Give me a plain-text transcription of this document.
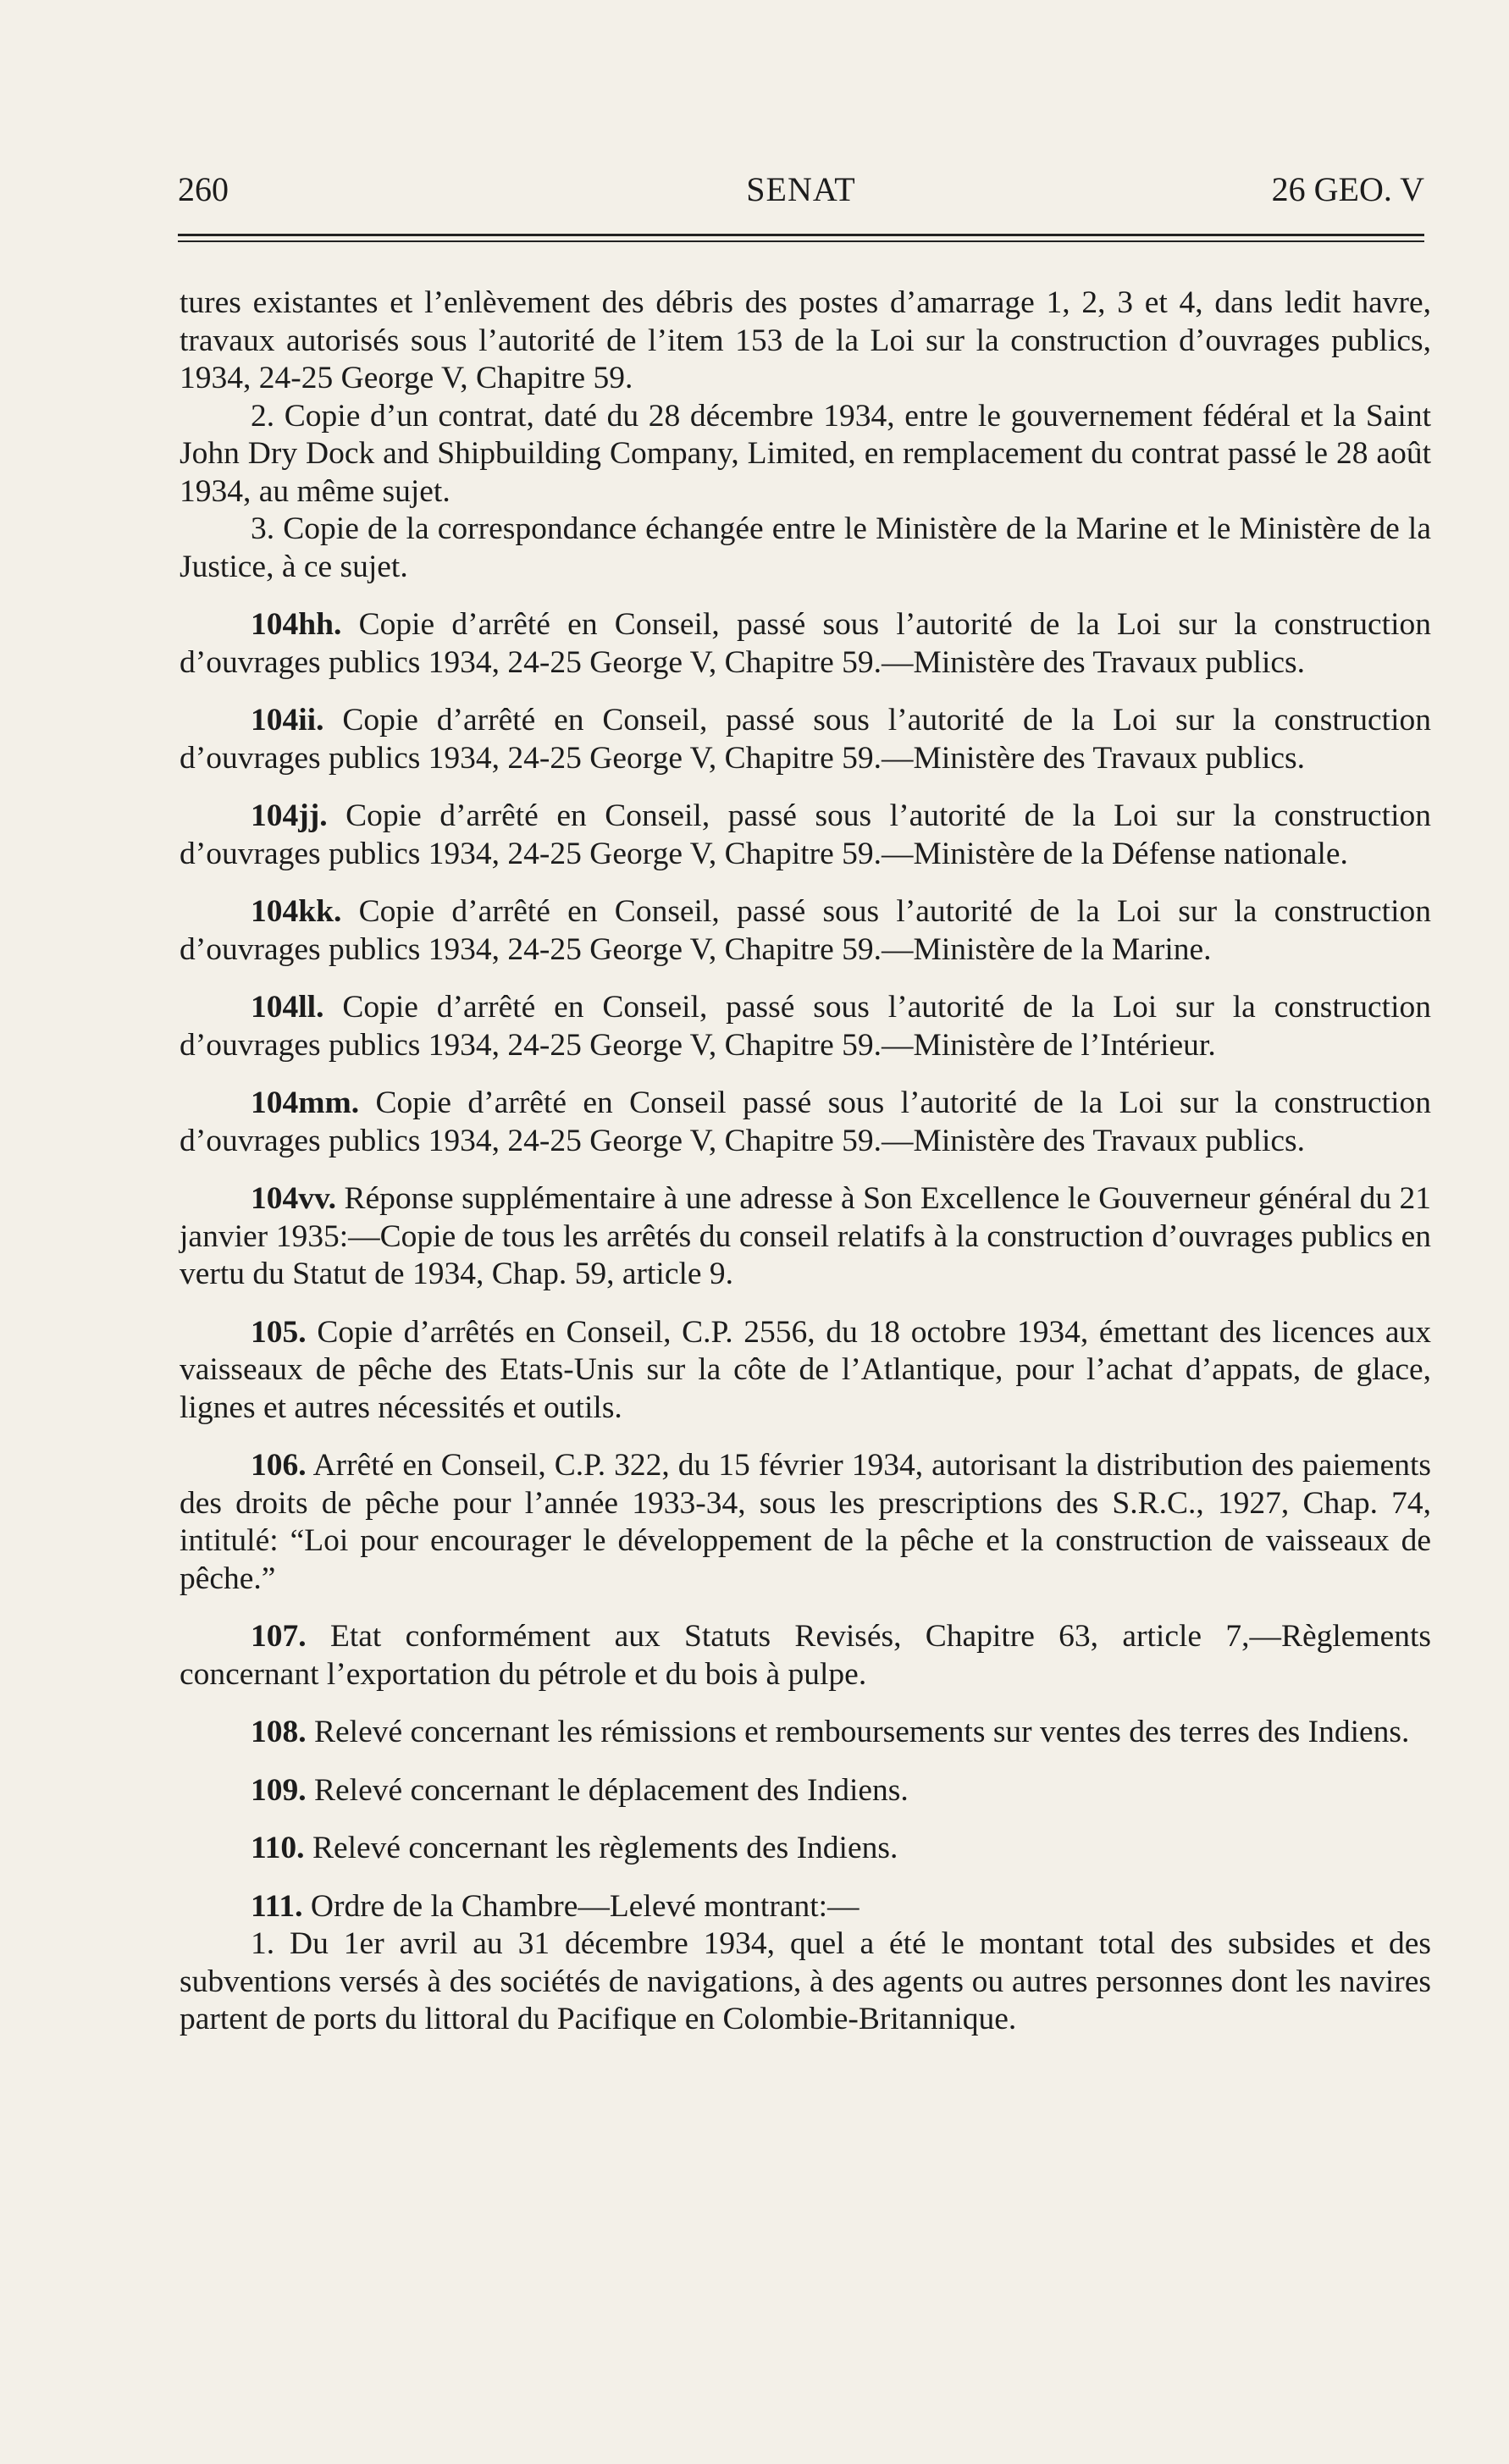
260	SENAT	26 GEO. V

tures existantes et l’enlèvement des débris des postes d’amarrage 1, 2, 3 et 4, dans ledit havre, travaux autorisés sous l’autorité de l’item 153 de la Loi sur la construction d’ouvrages publics, 1934, 24-25 George V, Chapitre 59.

2. Copie d’un contrat, daté du 28 décembre 1934, entre le gouvernement fédéral et la Saint John Dry Dock and Shipbuilding Company, Limited, en remplacement du contrat passé le 28 août 1934, au même sujet.

3. Copie de la correspondance échangée entre le Ministère de la Marine et le Ministère de la Justice, à ce sujet.

104hh. Copie d’arrêté en Conseil, passé sous l’autorité de la Loi sur la construction d’ouvrages publics 1934, 24-25 George V, Chapitre 59.—Ministère des Travaux publics.

104ii. Copie d’arrêté en Conseil, passé sous l’autorité de la Loi sur la construction d’ouvrages publics 1934, 24-25 George V, Chapitre 59.—Ministère des Travaux publics.

104jj. Copie d’arrêté en Conseil, passé sous l’autorité de la Loi sur la construction d’ouvrages publics 1934, 24-25 George V, Chapitre 59.—Ministère de la Défense nationale.

104kk. Copie d’arrêté en Conseil, passé sous l’autorité de la Loi sur la construction d’ouvrages publics 1934, 24-25 George V, Chapitre 59.—Ministère de la Marine.

104ll. Copie d’arrêté en Conseil, passé sous l’autorité de la Loi sur la construction d’ouvrages publics 1934, 24-25 George V, Chapitre 59.—Ministère de l’Intérieur.

104mm. Copie d’arrêté en Conseil passé sous l’autorité de la Loi sur la construction d’ouvrages publics 1934, 24-25 George V, Chapitre 59.—Ministère des Travaux publics.

104vv. Réponse supplémentaire à une adresse à Son Excellence le Gouverneur général du 21 janvier 1935:—Copie de tous les arrêtés du conseil relatifs à la construction d’ouvrages publics en vertu du Statut de 1934, Chap. 59, article 9.

105. Copie d’arrêtés en Conseil, C.P. 2556, du 18 octobre 1934, émettant des licences aux vaisseaux de pêche des Etats-Unis sur la côte de l’Atlantique, pour l’achat d’appats, de glace, lignes et autres nécessités et outils.

106. Arrêté en Conseil, C.P. 322, du 15 février 1934, autorisant la distribution des paiements des droits de pêche pour l’année 1933-34, sous les prescriptions des S.R.C., 1927, Chap. 74, intitulé: “Loi pour encourager le développement de la pêche et la construction de vaisseaux de pêche.”

107. Etat conformément aux Statuts Revisés, Chapitre 63, article 7,—Règlements concernant l’exportation du pétrole et du bois à pulpe.

108. Relevé concernant les rémissions et remboursements sur ventes des terres des Indiens.

109. Relevé concernant le déplacement des Indiens.

110. Relevé concernant les règlements des Indiens.

111. Ordre de la Chambre—Lelevé montrant:—

1. Du 1er avril au 31 décembre 1934, quel a été le montant total des subsides et des subventions versés à des sociétés de navigations, à des agents ou autres personnes dont les navires partent de ports du littoral du Pacifique en Colombie-Britannique.
